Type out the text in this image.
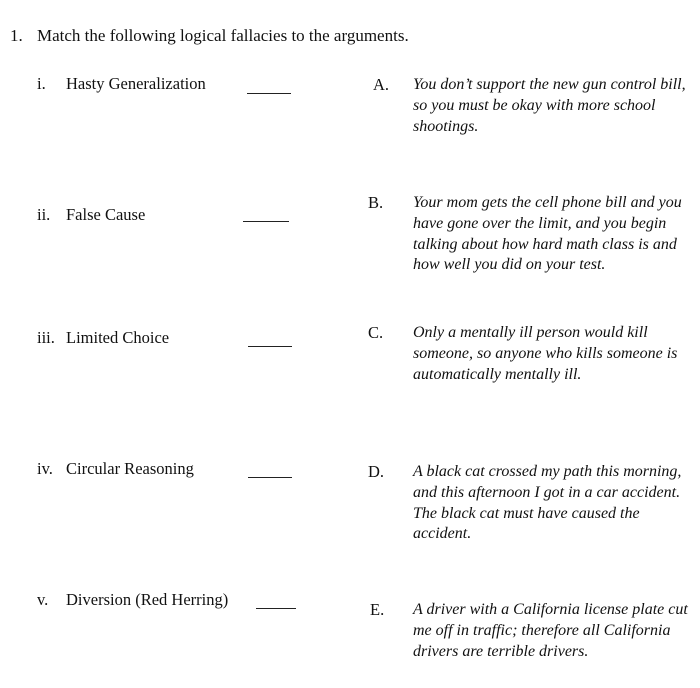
1. Match the following logical fallacies to the arguments.
i. Hasty Generalization
ii. False Cause
iii. Limited Choice
iv. Circular Reasoning
v. Diversion (Red Herring)
A. You don’t support the new gun control bill, so you must be okay with more school shootings.
B. Your mom gets the cell phone bill and you have gone over the limit, and you begin talking about how hard math class is and how well you did on your test.
C. Only a mentally ill person would kill someone, so anyone who kills someone is automatically mentally ill.
D. A black cat crossed my path this morning, and this afternoon I got in a car accident. The black cat must have caused the accident.
E. A driver with a California license plate cut me off in traffic; therefore all California drivers are terrible drivers.
